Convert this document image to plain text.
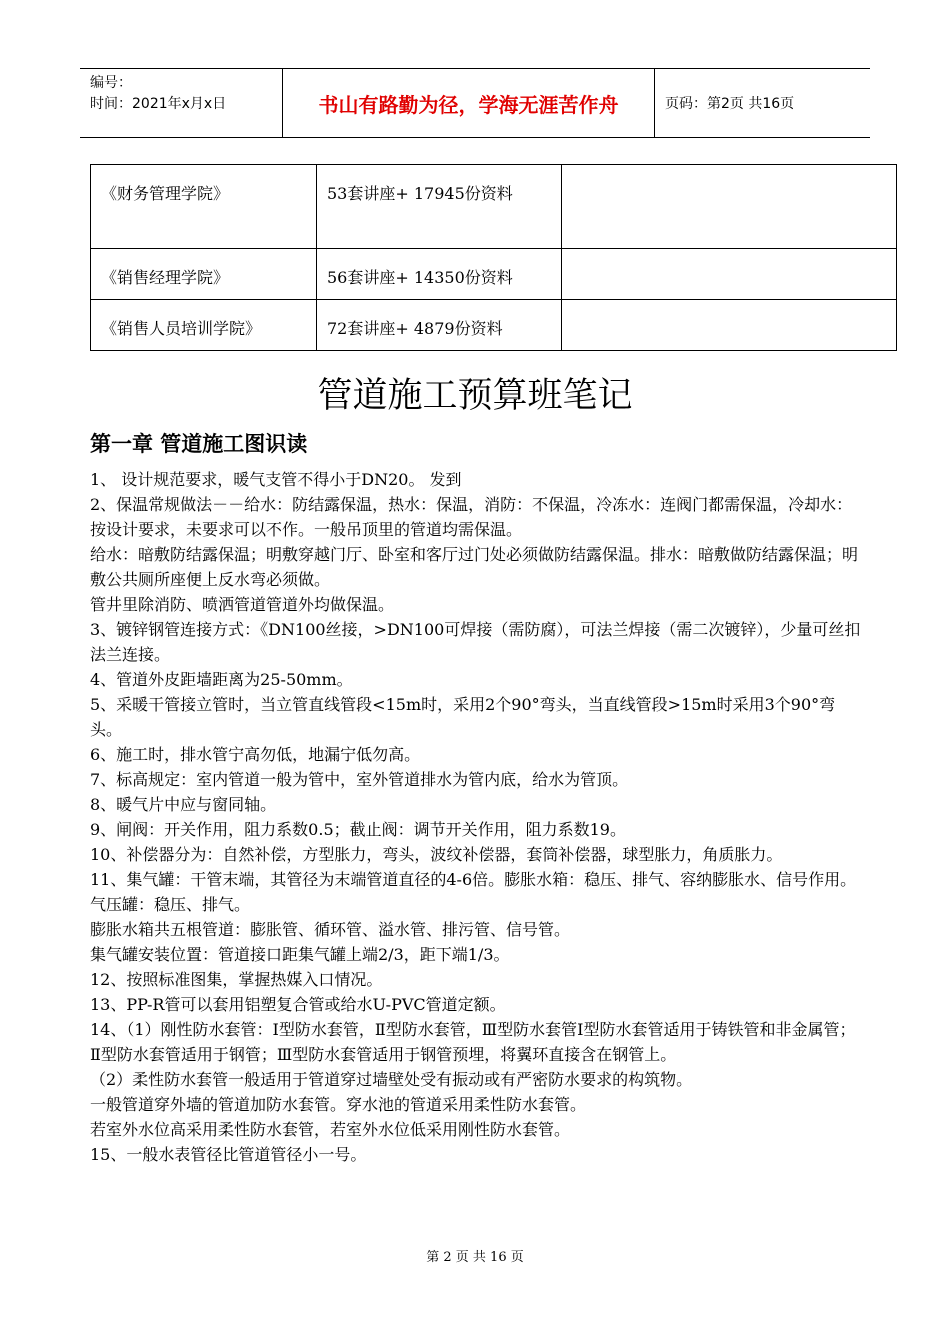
编号：
时间：2021年x月x日	书山有路勤为径，学海无涯苦作舟	页码：第2页 共16页
《财务管理学院》	53套讲座+ 17945份资料	
《销售经理学院》	56套讲座+ 14350份资料	
《销售人员培训学院》	72套讲座+ 4879份资料	
管道施工预算班笔记
第一章 管道施工图识读

1、 设计规范要求，暖气支管不得小于DN20。 发到

2、保温常规做法－－给水：防结露保温，热水：保温，消防：不保温，冷冻水：连阀门都需保温，冷却水：按设计要求，未要求可以不作。一般吊顶里的管道均需保温。

给水：暗敷防结露保温；明敷穿越门厅、卧室和客厅过门处必须做防结露保温。排水：暗敷做防结露保温；明敷公共厕所座便上反水弯必须做。

管井里除消防、喷洒管道管道外均做保温。

3、镀锌钢管连接方式：《DN100丝接，>DN100可焊接（需防腐），可法兰焊接（需二次镀锌），少量可丝扣法兰连接。

4、管道外皮距墙距离为25-50mm。

5、采暖干管接立管时，当立管直线管段<15m时，采用2个90°弯头，当直线管段>15m时采用3个90°弯头。

6、施工时，排水管宁高勿低，地漏宁低勿高。

7、标高规定：室内管道一般为管中，室外管道排水为管内底，给水为管顶。

8、暖气片中应与窗同轴。

9、闸阀：开关作用，阻力系数0.5；截止阀：调节开关作用，阻力系数19。

10、补偿器分为：自然补偿，方型胀力，弯头，波纹补偿器，套筒补偿器，球型胀力，角质胀力。

11、集气罐：干管末端，其管径为末端管道直径的4-6倍。膨胀水箱：稳压、排气、容纳膨胀水、信号作用。气压罐：稳压、排气。

膨胀水箱共五根管道：膨胀管、循环管、溢水管、排污管、信号管。

集气罐安装位置：管道接口距集气罐上端2/3，距下端1/3。

12、按照标准图集，掌握热媒入口情况。

13、PP-R管可以套用铝塑复合管或给水U-PVC管道定额。

14、（1）刚性防水套管：Ⅰ型防水套管，Ⅱ型防水套管，Ⅲ型防水套管Ⅰ型防水套管适用于铸铁管和非金属管；Ⅱ型防水套管适用于钢管；Ⅲ型防水套管适用于钢管预埋，将翼环直接含在钢管上。

（2）柔性防水套管一般适用于管道穿过墙壁处受有振动或有严密防水要求的构筑物。

一般管道穿外墙的管道加防水套管。穿水池的管道采用柔性防水套管。

若室外水位高采用柔性防水套管，若室外水位低采用刚性防水套管。

15、一般水表管径比管道管径小一号。

第 2 页 共 16 页
